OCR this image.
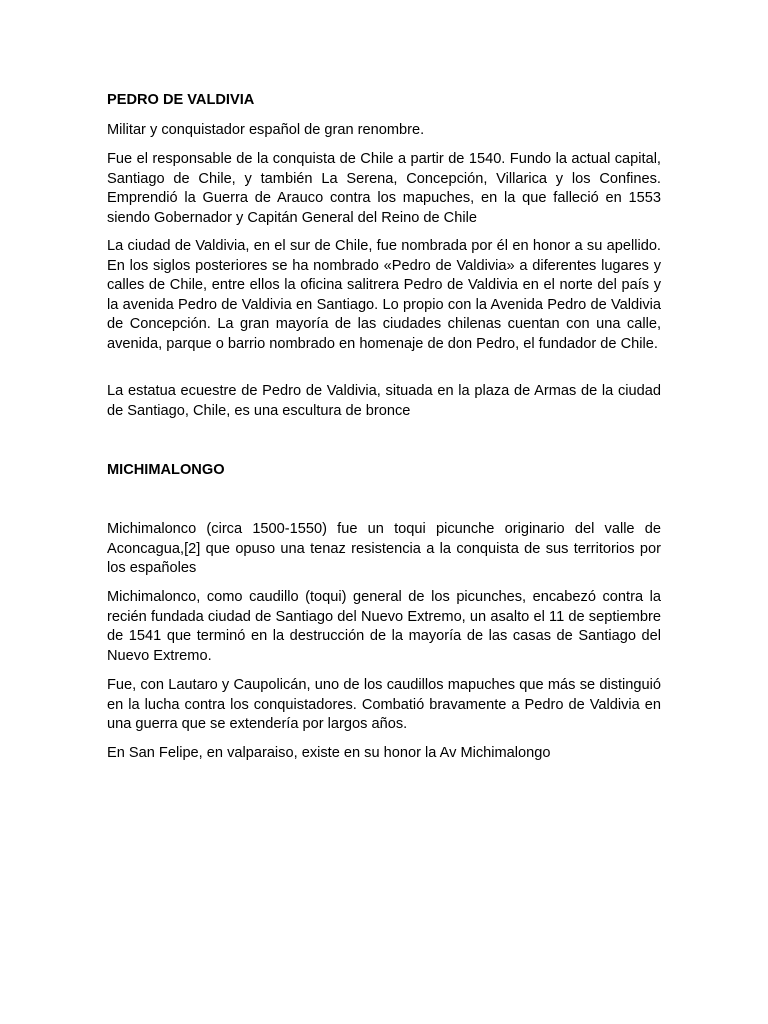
PEDRO DE VALDIVIA

Militar y conquistador español de gran renombre.

Fue el responsable de la conquista de Chile a partir de 1540. Fundo la actual capital, Santiago de Chile, y también La Serena, Concepción, Villarica y los Confines. Emprendió la Guerra de Arauco contra los mapuches, en la que falleció en 1553 siendo Gobernador y Capitán General del Reino de Chile

La ciudad de Valdivia, en el sur de Chile, fue nombrada por él en honor a su apellido. En los siglos posteriores se ha nombrado «Pedro de Valdivia» a diferentes lugares y calles de Chile, entre ellos la oficina salitrera Pedro de Valdivia en el norte del país y la avenida Pedro de Valdivia en Santiago. Lo propio con la Avenida Pedro de Valdivia de Concepción. La gran mayoría de las ciudades chilenas cuentan con una calle, avenida, parque o barrio nombrado en homenaje de don Pedro, el fundador de Chile.

La estatua ecuestre de Pedro de Valdivia, situada en la plaza de Armas de la ciudad de Santiago, Chile, es una escultura de bronce

MICHIMALONGO

Michimalonco (circa 1500-1550) fue un toqui picunche originario del valle de Aconcagua,[2] que opuso una tenaz resistencia a la conquista de sus territorios por los españoles

Michimalonco, como caudillo (toqui) general de los picunches, encabezó contra la recién fundada ciudad de Santiago del Nuevo Extremo, un asalto el 11 de septiembre de 1541 que terminó en la destrucción de la mayoría de las casas de Santiago del Nuevo Extremo.

Fue, con Lautaro y Caupolicán, uno de los caudillos mapuches que más se distinguió en la lucha contra los conquistadores. Combatió bravamente a Pedro de Valdivia en una guerra que se extendería por largos años.

En San Felipe, en valparaiso, existe en su honor la Av Michimalongo
